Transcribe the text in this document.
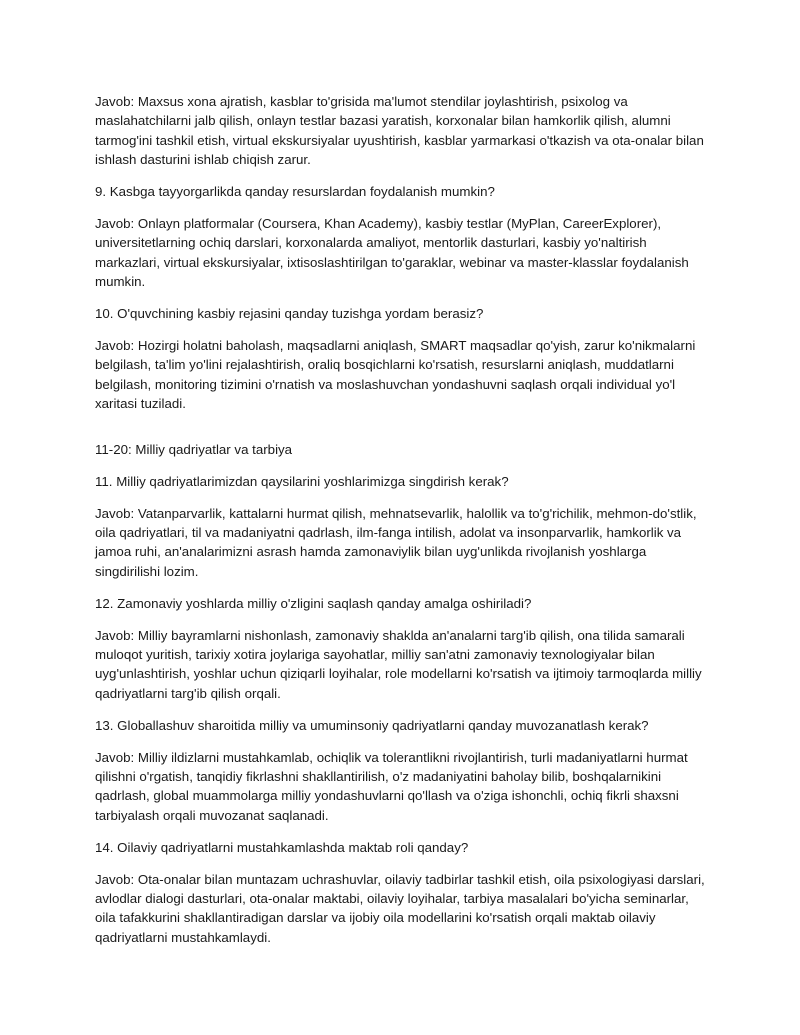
Javob: Maxsus xona ajratish, kasblar to'grisida ma'lumot stendilar joylashtirish, psixolog va maslahatchilarni jalb qilish, onlayn testlar bazasi yaratish, korxonalar bilan hamkorlik qilish, alumni tarmog'ini tashkil etish, virtual ekskursiyalar uyushtirish, kasblar yarmarkasi o'tkazish va ota-onalar bilan ishlash dasturini ishlab chiqish zarur.

9. Kasbga tayyorgarlikda qanday resurslardan foydalanish mumkin?

Javob: Onlayn platformalar (Coursera, Khan Academy), kasbiy testlar (MyPlan, CareerExplorer), universitetlarning ochiq darslari, korxonalarda amaliyot, mentorlik dasturlari, kasbiy yo'naltirish markazlari, virtual ekskursiyalar, ixtisoslashtirilgan to'garaklar, webinar va master-klasslar foydalanish mumkin.

10. O'quvchining kasbiy rejasini qanday tuzishga yordam berasiz?

Javob: Hozirgi holatni baholash, maqsadlarni aniqlash, SMART maqsadlar qo'yish, zarur ko'nikmalarni belgilash, ta'lim yo'lini rejalashtirish, oraliq bosqichlarni ko'rsatish, resurslarni aniqlash, muddatlarni belgilash, monitoring tizimini o'rnatish va moslashuvchan yondashuvni saqlash orqali individual yo'l xaritasi tuziladi.

11-20: Milliy qadriyatlar va tarbiya

11. Milliy qadriyatlarimizdan qaysilarini yoshlarimizga singdirish kerak?

Javob: Vatanparvarlik, kattalarni hurmat qilish, mehnatsevarlik, halollik va to'g'richilik, mehmon-do'stlik, oila qadriyatlari, til va madaniyatni qadrlash, ilm-fanga intilish, adolat va insonparvarlik, hamkorlik va jamoa ruhi, an'analarimizni asrash hamda zamonaviylik bilan uyg'unlikda rivojlanish yoshlarga singdirilishi lozim.

12. Zamonaviy yoshlarda milliy o'zligini saqlash qanday amalga oshiriladi?

Javob: Milliy bayramlarni nishonlash, zamonaviy shaklda an'analarni targ'ib qilish, ona tilida samarali muloqot yuritish, tarixiy xotira joylariga sayohatlar, milliy san'atni zamonaviy texnologiyalar bilan uyg'unlashtirish, yoshlar uchun qiziqarli loyihalar, role modellarni ko'rsatish va ijtimoiy tarmoqlarda milliy qadriyatlarni targ'ib qilish orqali.

13. Globallashuv sharoitida milliy va umuminsoniy qadriyatlarni qanday muvozanatlash kerak?

Javob: Milliy ildizlarni mustahkamlab, ochiqlik va tolerantlikni rivojlantirish, turli madaniyatlarni hurmat qilishni o'rgatish, tanqidiy fikrlashni shakllantirilish, o'z madaniyatini baholay bilib, boshqalarnikini qadrlash, global muammolarga milliy yondashuvlarni qo'llash va o'ziga ishonchli, ochiq fikrli shaxsni tarbiyalash orqali muvozanat saqlanadi.

14. Oilaviy qadriyatlarni mustahkamlashda maktab roli qanday?

Javob: Ota-onalar bilan muntazam uchrashuvlar, oilaviy tadbirlar tashkil etish, oila psixologiyasi darslari, avlodlar dialogi dasturlari, ota-onalar maktabi, oilaviy loyihalar, tarbiya masalalari bo'yicha seminarlar, oila tafakkurini shakllantiradigan darslar va ijobiy oila modellarini ko'rsatish orqali maktab oilaviy qadriyatlarni mustahkamlaydi.
